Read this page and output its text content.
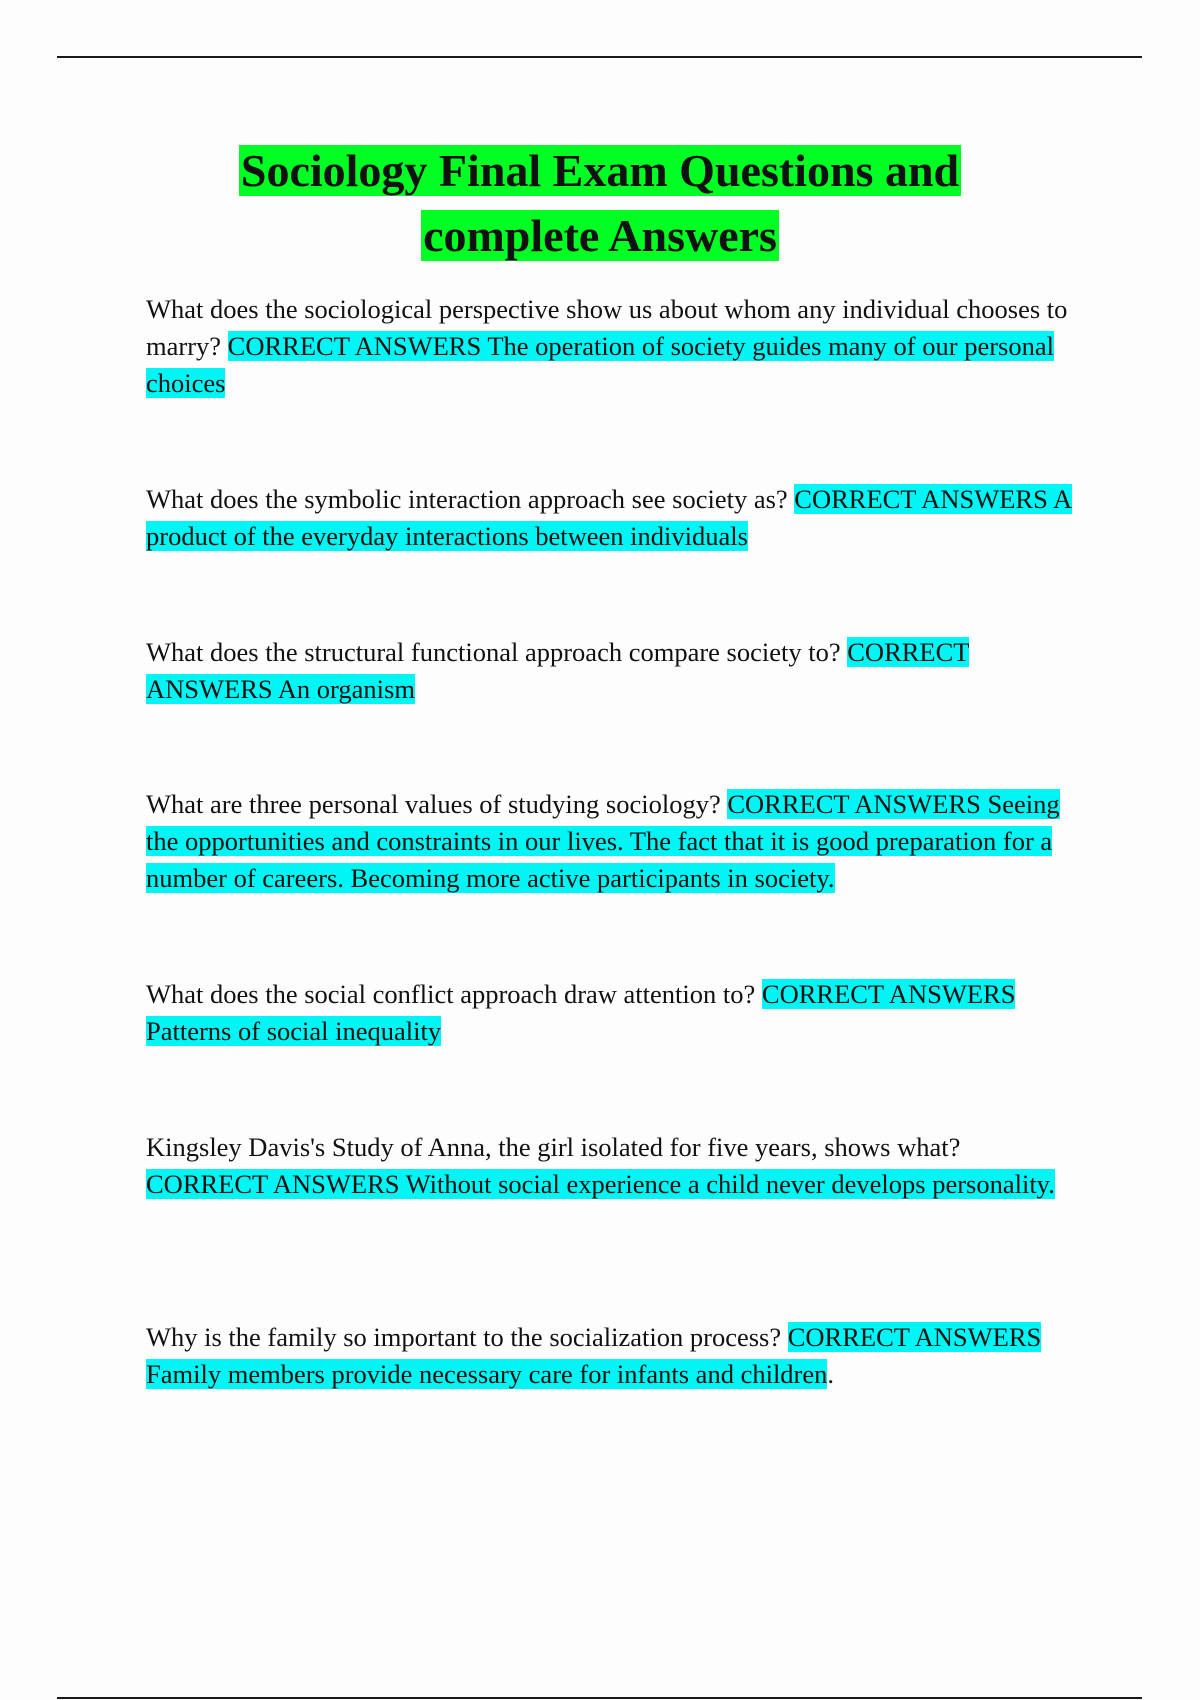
Sociology Final Exam Questions and
complete Answers

What does the sociological perspective show us about whom any individual chooses to marry? CORRECT ANSWERS The operation of society guides many of our personal choices

What does the symbolic interaction approach see society as? CORRECT ANSWERS A product of the everyday interactions between individuals

What does the structural functional approach compare society to? CORRECT ANSWERS An organism

What are three personal values of studying sociology? CORRECT ANSWERS Seeing the opportunities and constraints in our lives. The fact that it is good preparation for a number of careers. Becoming more active participants in society.

What does the social conflict approach draw attention to? CORRECT ANSWERS Patterns of social inequality

Kingsley Davis's Study of Anna, the girl isolated for five years, shows what? CORRECT ANSWERS Without social experience a child never develops personality.

Why is the family so important to the socialization process? CORRECT ANSWERS Family members provide necessary care for infants and children.
